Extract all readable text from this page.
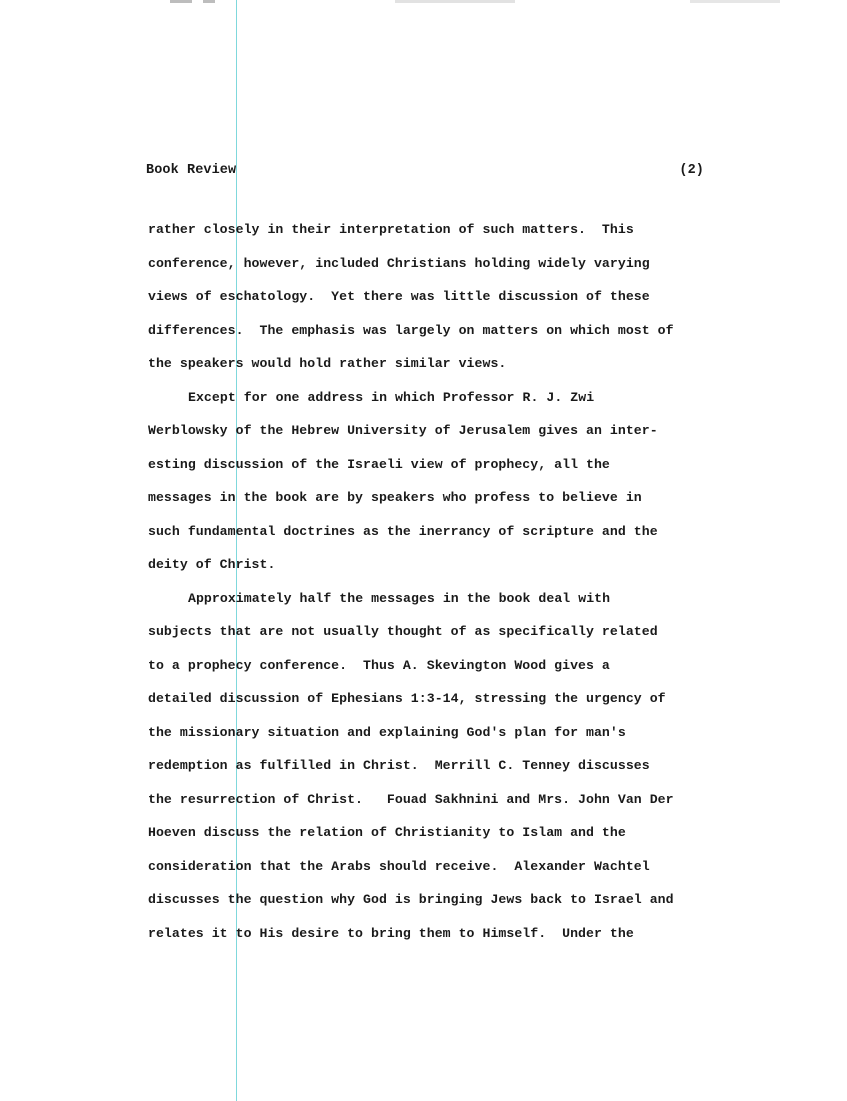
Book Review	(2)
rather closely in their interpretation of such matters.  This
conference, however, included Christians holding widely varying
views of eschatology.  Yet there was little discussion of these
differences.  The emphasis was largely on matters on which most of
the speakers would hold rather similar views.
Except for one address in which Professor R. J. Zwi
Werblowsky of the Hebrew University of Jerusalem gives an inter-
esting discussion of the Israeli view of prophecy, all the
messages in the book are by speakers who profess to believe in
such fundamental doctrines as the inerrancy of scripture and the
deity of Christ.
Approximately half the messages in the book deal with
subjects that are not usually thought of as specifically related
to a prophecy conference.  Thus A. Skevington Wood gives a
detailed discussion of Ephesians 1:3-14, stressing the urgency of
the missionary situation and explaining God's plan for man's
redemption as fulfilled in Christ.  Merrill C. Tenney discusses
the resurrection of Christ.   Fouad Sakhnini and Mrs. John Van Der
Hoeven discuss the relation of Christianity to Islam and the
consideration that the Arabs should receive.  Alexander Wachtel
discusses the question why God is bringing Jews back to Israel and
relates it to His desire to bring them to Himself.  Under the
